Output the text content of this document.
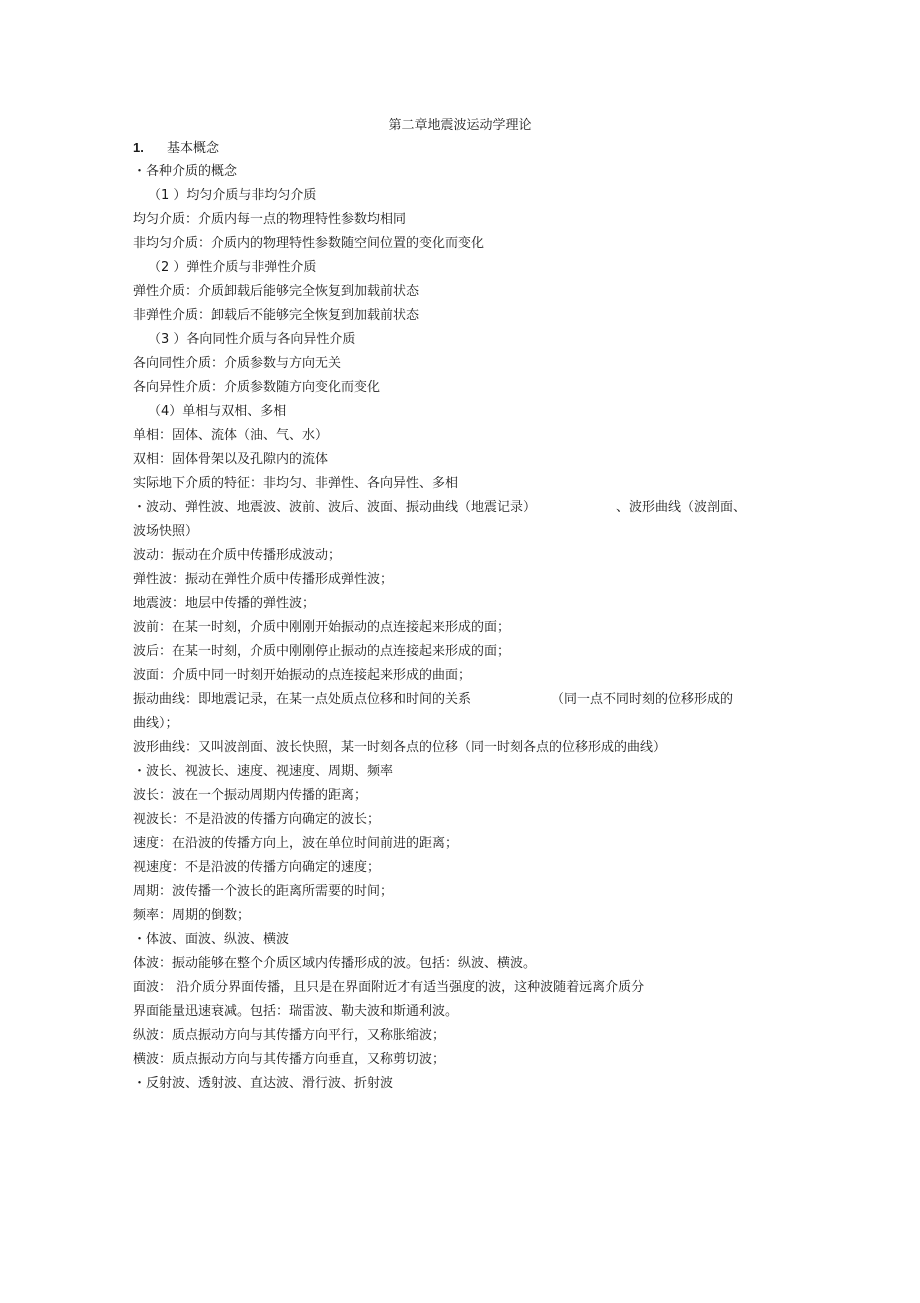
第二章地震波运动学理论
1. 基本概念
・各种介质的概念
（1 ）均匀介质与非均匀介质
均匀介质：介质内每一点的物理特性参数均相同
非均匀介质：介质内的物理特性参数随空间位置的变化而变化
（2 ）弹性介质与非弹性介质
弹性介质：介质卸载后能够完全恢复到加载前状态
非弹性介质：卸载后不能够完全恢复到加载前状态
（3 ）各向同性介质与各向异性介质
各向同性介质：介质参数与方向无关
各向异性介质：介质参数随方向变化而变化
（4）单相与双相、多相
单相：固体、流体（油、气、水）
双相：固体骨架以及孔隙内的流体
实际地下介质的特征：非均匀、非弹性、各向异性、多相
・波动、弹性波、地震波、波前、波后、波面、振动曲线（地震记录）	、波形曲线（波剖面、
波场快照）
波动：振动在介质中传播形成波动；
弹性波：振动在弹性介质中传播形成弹性波；
地震波：地层中传播的弹性波；
波前：在某一时刻，介质中刚刚开始振动的点连接起来形成的面；
波后：在某一时刻，介质中刚刚停止振动的点连接起来形成的面；
波面：介质中同一时刻开始振动的点连接起来形成的曲面；
振动曲线：即地震记录，在某一点处质点位移和时间的关系	（同一点不同时刻的位移形成的
曲线）；
波形曲线：又叫波剖面、波长快照，某一时刻各点的位移（同一时刻各点的位移形成的曲线）
・波长、视波长、速度、视速度、周期、频率
波长：波在一个振动周期内传播的距离；
视波长：不是沿波的传播方向确定的波长；
速度：在沿波的传播方向上，波在单位时间前进的距离；
视速度：不是沿波的传播方向确定的速度；
周期：波传播一个波长的距离所需要的时间；
频率：周期的倒数；
・体波、面波、纵波、横波
体波：振动能够在整个介质区域内传播形成的波。包括：纵波、横波。
面波： 沿介质分界面传播，且只是在界面附近才有适当强度的波，这种波随着远离介质分
界面能量迅速衰减。包括：瑞雷波、勒夫波和斯通利波。
纵波：质点振动方向与其传播方向平行，又称胀缩波；
横波：质点振动方向与其传播方向垂直，又称剪切波；
・反射波、透射波、直达波、滑行波、折射波
